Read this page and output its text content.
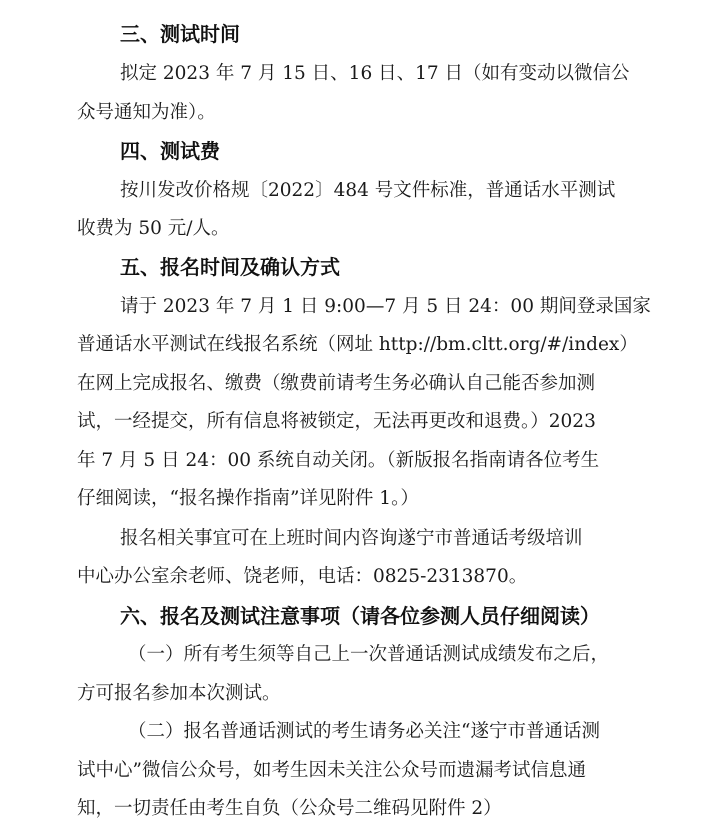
三、测试时间
拟定 2023 年 7 月 15 日、16 日、17 日（如有变动以微信公
众号通知为准）。
四、测试费
按川发改价格规〔2022〕484 号文件标准，普通话水平测试
收费为 50 元/人。
五、报名时间及确认方式
请于 2023 年 7 月 1 日 9:00—7 月 5 日 24：00 期间登录国家
普通话水平测试在线报名系统（网址 http://bm.cltt.org/#/index）
在网上完成报名、缴费（缴费前请考生务必确认自己能否参加测
试，一经提交，所有信息将被锁定，无法再更改和退费。）2023
年 7 月 5 日 24：00 系统自动关闭。（新版报名指南请各位考生
仔细阅读，“报名操作指南”详见附件 1。）
报名相关事宜可在上班时间内咨询遂宁市普通话考级培训
中心办公室余老师、饶老师，电话：0825-2313870。
六、报名及测试注意事项（请各位参测人员仔细阅读）
（一）所有考生须等自己上一次普通话测试成绩发布之后，
方可报名参加本次测试。
（二）报名普通话测试的考生请务必关注“遂宁市普通话测
试中心”微信公众号，如考生因未关注公众号而遗漏考试信息通
知，一切责任由考生自负（公众号二维码见附件 2）
